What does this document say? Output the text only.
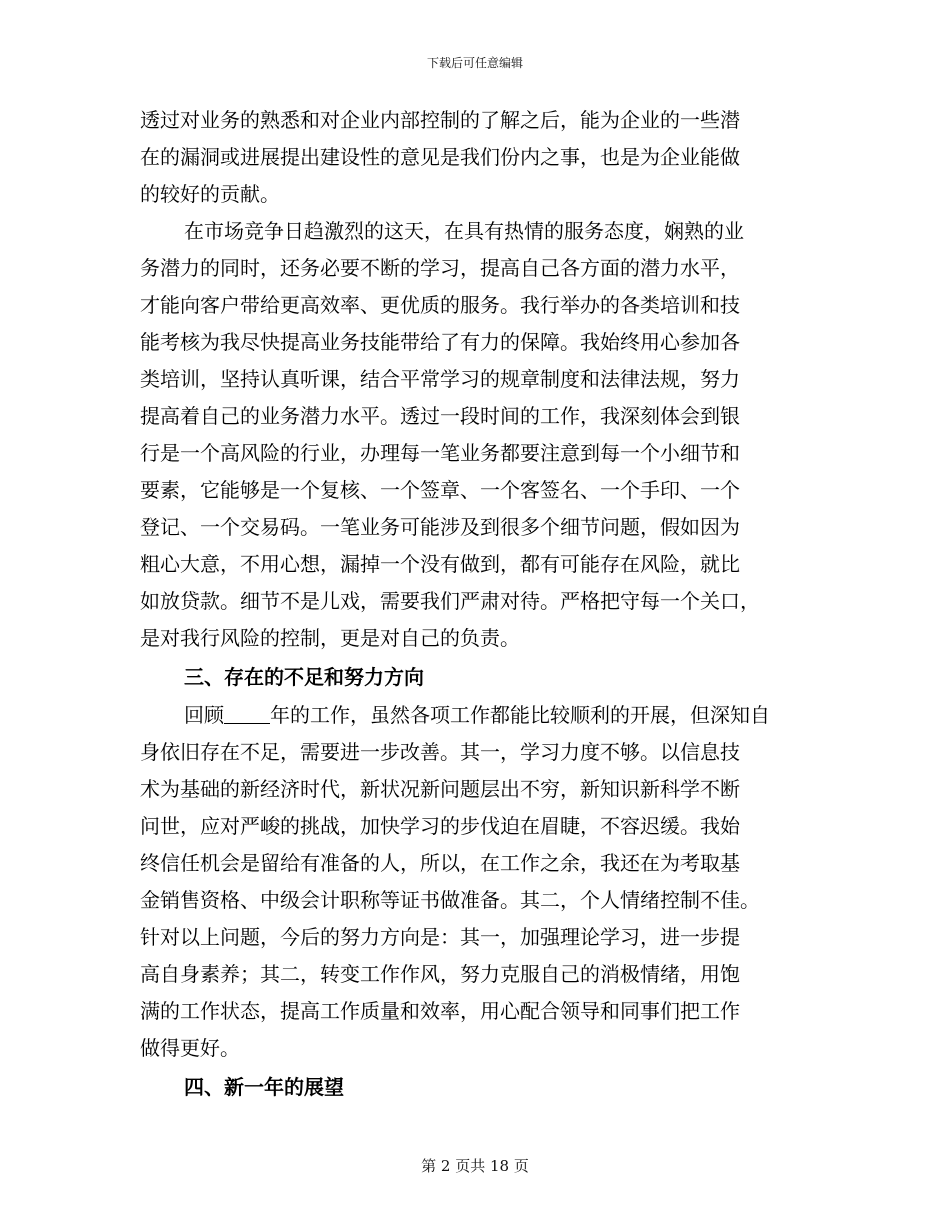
下载后可任意编辑
透过对业务的熟悉和对企业内部控制的了解之后，能为企业的一些潜
在的漏洞或进展提出建设性的意见是我们份内之事，也是为企业能做
的较好的贡献。
在市场竞争日趋激烈的这天，在具有热情的服务态度，娴熟的业
务潜力的同时，还务必要不断的学习，提高自己各方面的潜力水平，
才能向客户带给更高效率、更优质的服务。我行举办的各类培训和技
能考核为我尽快提高业务技能带给了有力的保障。我始终用心参加各
类培训，坚持认真听课，结合平常学习的规章制度和法律法规，努力
提高着自己的业务潜力水平。透过一段时间的工作，我深刻体会到银
行是一个高风险的行业，办理每一笔业务都要注意到每一个小细节和
要素，它能够是一个复核、一个签章、一个客签名、一个手印、一个
登记、一个交易码。一笔业务可能涉及到很多个细节问题，假如因为
粗心大意，不用心想，漏掉一个没有做到，都有可能存在风险，就比
如放贷款。细节不是儿戏，需要我们严肃对待。严格把守每一个关口，
是对我行风险的控制，更是对自己的负责。
三、存在的不足和努力方向
回顾 年的工作，虽然各项工作都能比较顺利的开展，但深知自
身依旧存在不足，需要进一步改善。其一，学习力度不够。以信息技
术为基础的新经济时代，新状况新问题层出不穷，新知识新科学不断
问世，应对严峻的挑战，加快学习的步伐迫在眉睫，不容迟缓。我始
终信任机会是留给有准备的人，所以，在工作之余，我还在为考取基
金销售资格、中级会计职称等证书做准备。其二，个人情绪控制不佳。
针对以上问题，今后的努力方向是：其一，加强理论学习，进一步提
高自身素养；其二，转变工作作风，努力克服自己的消极情绪，用饱
满的工作状态，提高工作质量和效率，用心配合领导和同事们把工作
做得更好。
四、新一年的展望
第 2 页共 18 页
